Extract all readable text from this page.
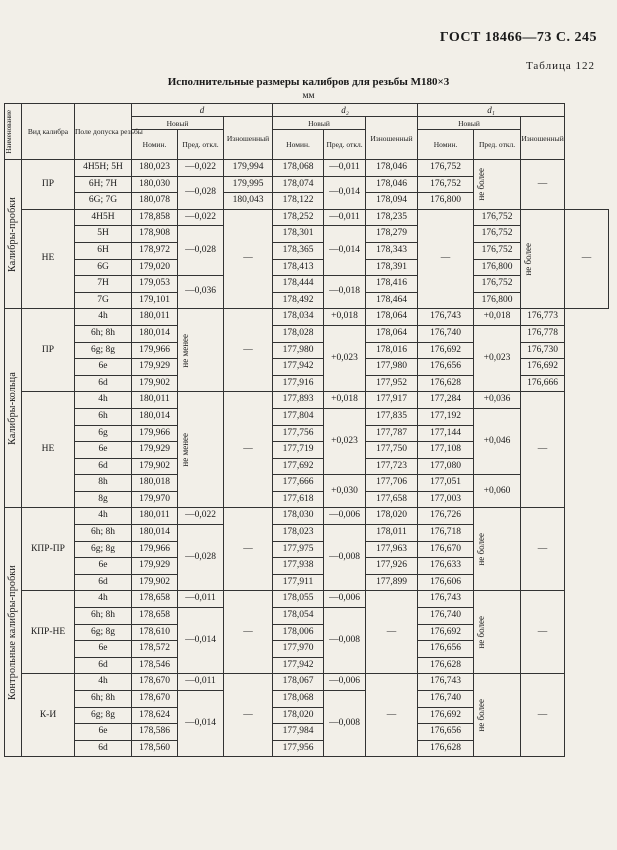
ГОСТ 18466—73 С. 245
Таблица 122
Исполнительные размеры калибров для резьбы М180×3
мм
Наименование	Вид калибра	Поле допуска резьбы	d			d₂			d₁			
			Новый		Изношенный	Новый		Изношенный	Новый		Изношенный	
			Номин.	Пред. откл.		Номин.	Пред. откл.		Номин.	Пред. откл.		

Калибры-пробки	ПР	4H5H; 5H	180,023	—0,022	179,994	178,068	—0,011	178,046	176,752	не более	—	
		6H; 7H	180,030	—0,028	179,995	178,074	—0,014	178,046	176,752			
		6G; 7G	180,078		180,043	178,122		178,094	176,800			
	НЕ	4H5H	178,858	—0,022	—	178,252	—0,011	178,235	—	176,752	не более	—
		5H	178,908	—0,028		178,301	—0,014	178,279		176,752		
		6H	178,972			178,365		178,343		176,752		
		6G	179,020			178,413		178,391		176,800		
		7H	179,053	—0,036		178,444	—0,018	178,416		176,752		
		7G	179,101			178,492		178,464		176,800		

Калибры-кольца	ПР	4h	180,011	не менее	—	178,034	+0,018	178,064	176,743	+0,018	176,773	
		6h; 8h	180,014			178,028	+0,023	178,064	176,740	+0,023	176,778	
		6g; 8g	179,966			177,980		178,016	176,692		176,730	
		6e	179,929			177,942		177,980	176,656		176,692	
		6d	179,902			177,916		177,952	176,628		176,666	
	НЕ	4h	180,011	не менее	—	177,893	+0,018	177,917	177,284	+0,036	—	
		6h	180,014			177,804	+0,023	177,835	177,192	+0,046		
		6g	179,966			177,756		177,787	177,144			
		6e	179,929			177,719		177,750	177,108			
		6d	179,902			177,692		177,723	177,080			
		8h	180,018			177,666	+0,030	177,706	177,051	+0,060		
		8g	179,970			177,618		177,658	177,003			

Контрольные калибры-пробки	КПР-ПР	4h	180,011	—0,022	—	178,030	—0,006	178,020	176,726	не более	—	
		6h; 8h	180,014	—0,028		178,023	—0,008	178,011	176,718			
		6g; 8g	179,966			177,975		177,963	176,670			
		6e	179,929			177,938		177,926	176,633			
		6d	179,902			177,911		177,899	176,606			
	КПР-НЕ	4h	178,658	—0,011	—	178,055	—0,006	—	176,743	не более	—	
		6h; 8h	178,658	—0,014		178,054	—0,008		176,740			
		6g; 8g	178,610			178,006			176,692			
		6e	178,572			177,970			176,656			
		6d	178,546			177,942			176,628			
	К-И	4h	178,670	—0,011	—	178,067	—0,006	—	176,743	не более	—	
		6h; 8h	178,670	—0,014		178,068	—0,008		176,740			
		6g; 8g	178,624			178,020			176,692			
		6e	178,586			177,984			176,656			
		6d	178,560			177,956			176,628			
